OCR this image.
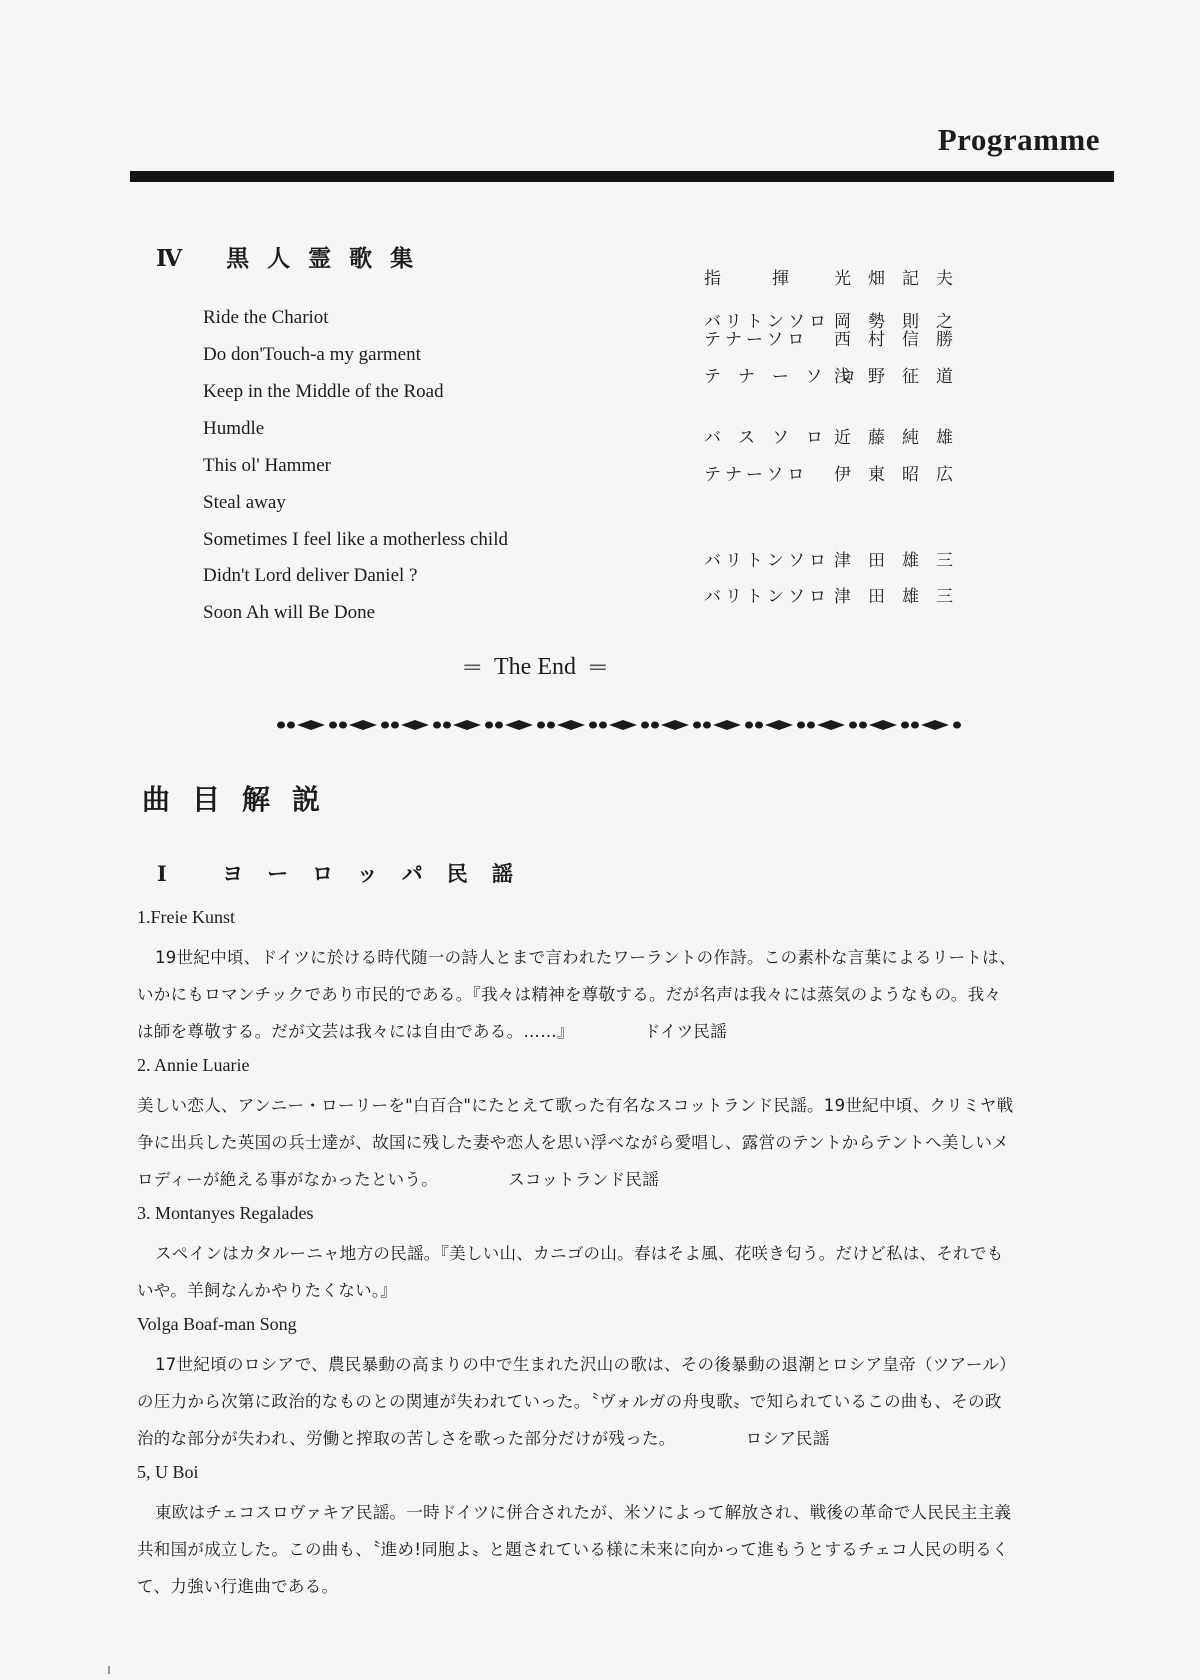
Programme
Ⅳ 黒人霊歌集
Ride the Chariot
Do don'Touch-a my garment
Keep in the Middle of the Road
Humdle
This ol' Hammer
Steal away
Sometimes I feel like a motherless child
Didn't Lord deliver Daniel ?
Soon Ah will Be Done
指　揮 光畑記夫
バリトンソロ 岡勢則之
テナーソロ 西村信勝
テナーソロ浅野征道
バスソロ近藤純雄
テナーソロ 伊東昭広
バリトンソロ 津田雄三
バリトンソロ 津田雄三
═ The End ═
曲目解説
Ⅰ ヨーロッパ民謡
1.Freie Kunst
19世紀中頃、ドイツに於ける時代随一の詩人とまで言われたワーラントの作詩。この素朴な言葉によるリートは、
いかにもロマンチックであり市民的である。『我々は精神を尊敬する。だが名声は我々には蒸気のようなもの。我々
は師を尊敬する。だが文芸は我々には自由である。……』	ドイツ民謡
2. Annie Luarie
美しい恋人、アンニー・ローリーを"白百合"にたとえて歌った有名なスコットランド民謡。19世紀中頃、クリミヤ戦
争に出兵した英国の兵士達が、故国に残した妻や恋人を思い浮べながら愛唱し、露営のテントからテントへ美しいメ
ロディーが絶える事がなかったという。	スコットランド民謡
3. Montanyes Regalades
スペインはカタルーニャ地方の民謡。『美しい山、カニゴの山。春はそよ風、花咲き匂う。だけど私は、それでも
いや。羊飼なんかやりたくない。』
Volga Boaf-man Song
17世紀頃のロシアで、農民暴動の高まりの中で生まれた沢山の歌は、その後暴動の退潮とロシア皇帝（ツアール）
の圧力から次第に政治的なものとの関連が失われていった。〝ヴォルガの舟曳歌〟で知られているこの曲も、その政
治的な部分が失われ、労働と搾取の苦しさを歌った部分だけが残った。	ロシア民謡
5, U Boi
東欧はチェコスロヴァキア民謡。一時ドイツに併合されたが、米ソによって解放され、戦後の革命で人民民主主義
共和国が成立した。この曲も、〝進め!同胞よ〟と題されている様に未来に向かって進もうとするチェコ人民の明るく
て、力強い行進曲である。
